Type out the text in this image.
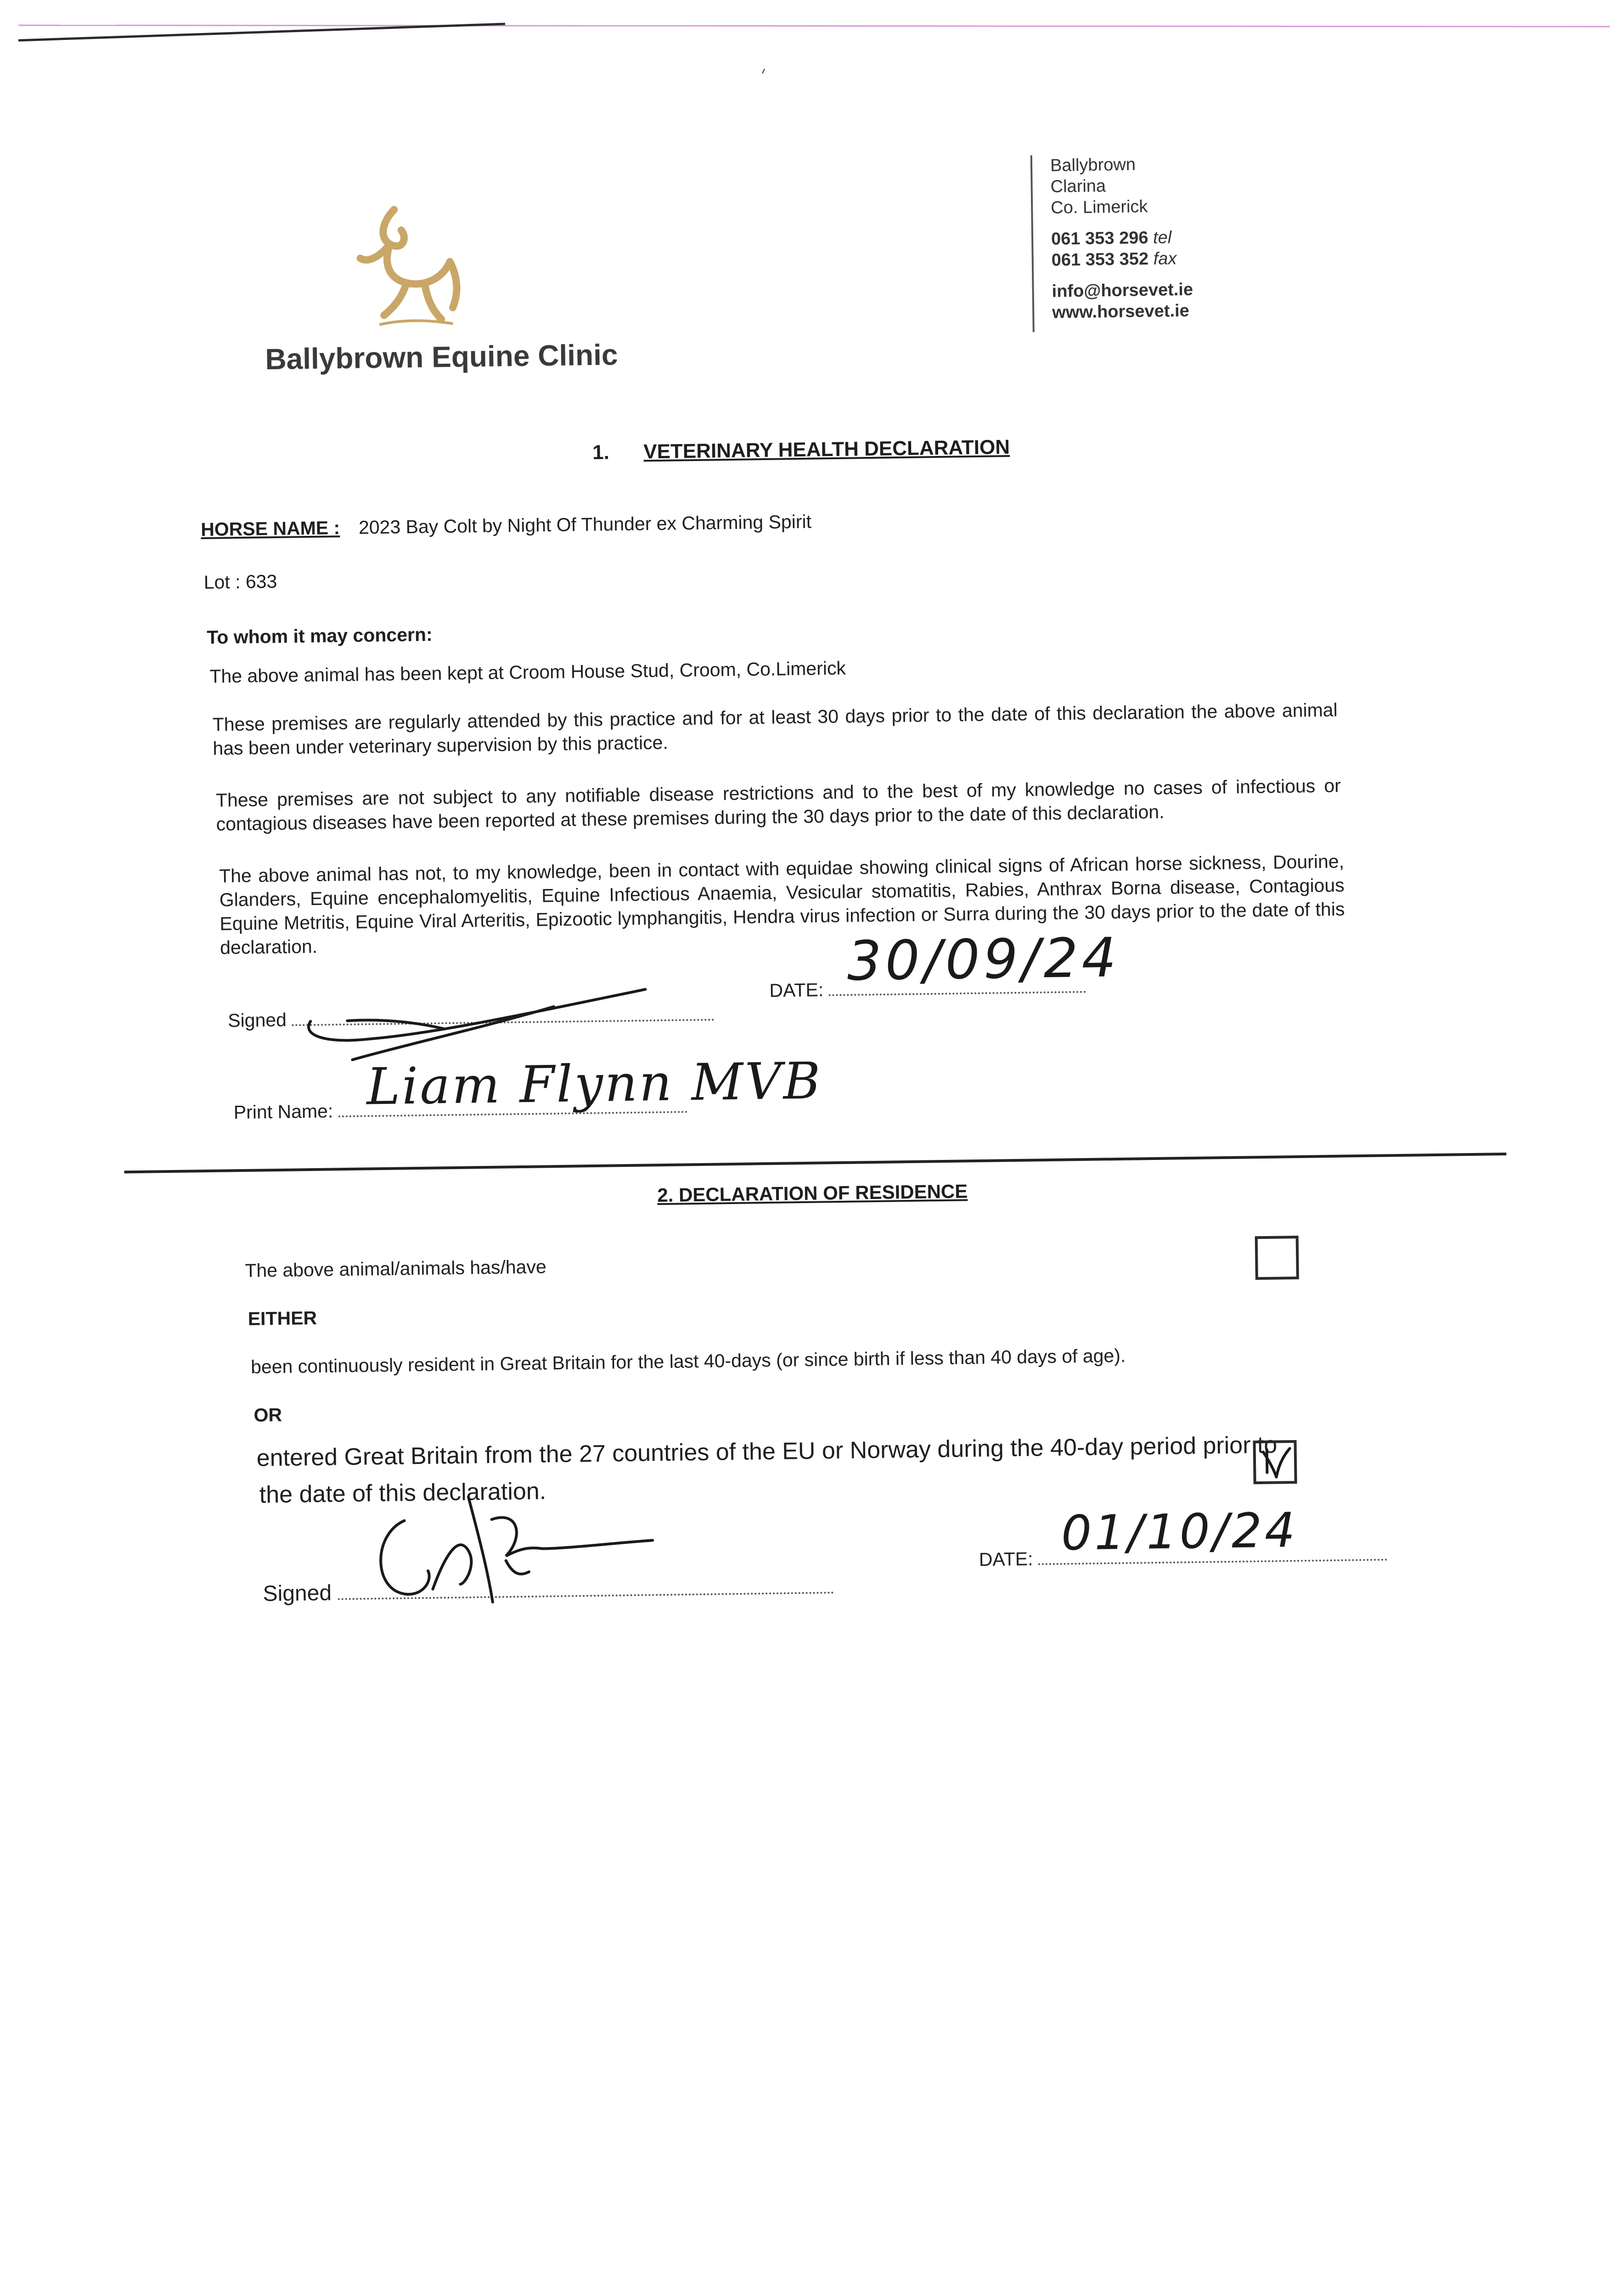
Ballybrown Equine Clinic
Ballybrown
Clarina
Co. Limerick
061 353 296 tel
061 353 352 fax
info@horsevet.ie
www.horsevet.ie
1. VETERINARY HEALTH DECLARATION
HORSE NAME : 2023 Bay Colt by Night Of Thunder ex Charming Spirit
Lot : 633
To whom it may concern:
The above animal has been kept at Croom House Stud, Croom, Co.Limerick
These premises are regularly attended by this practice and for at least 30 days prior to the date of this declaration the above animal has been under veterinary supervision by this practice.
These premises are not subject to any notifiable disease restrictions and to the best of my knowledge no cases of infectious or contagious diseases have been reported at these premises during the 30 days prior to the date of this declaration.
The above animal has not, to my knowledge, been in contact with equidae showing clinical signs of African horse sickness, Dourine, Glanders, Equine encephalomyelitis, Equine Infectious Anaemia, Vesicular stomatitis, Rabies, Anthrax Borna disease, Contagious Equine Metritis, Equine Viral Arteritis, Epizootic lymphangitis, Hendra virus infection or Surra during the 30 days prior to the date of this declaration.
Signed
DATE: 30/09/24
Print Name: Liam Flynn MVB
2. DECLARATION OF RESIDENCE
The above animal/animals has/have
EITHER
been continuously resident in Great Britain for the last 40-days (or since birth if less than 40 days of age).
OR
entered Great Britain from the 27 countries of the EU or Norway during the 40-day period prior to
the date of this declaration.
Signed
DATE: 01/10/24
